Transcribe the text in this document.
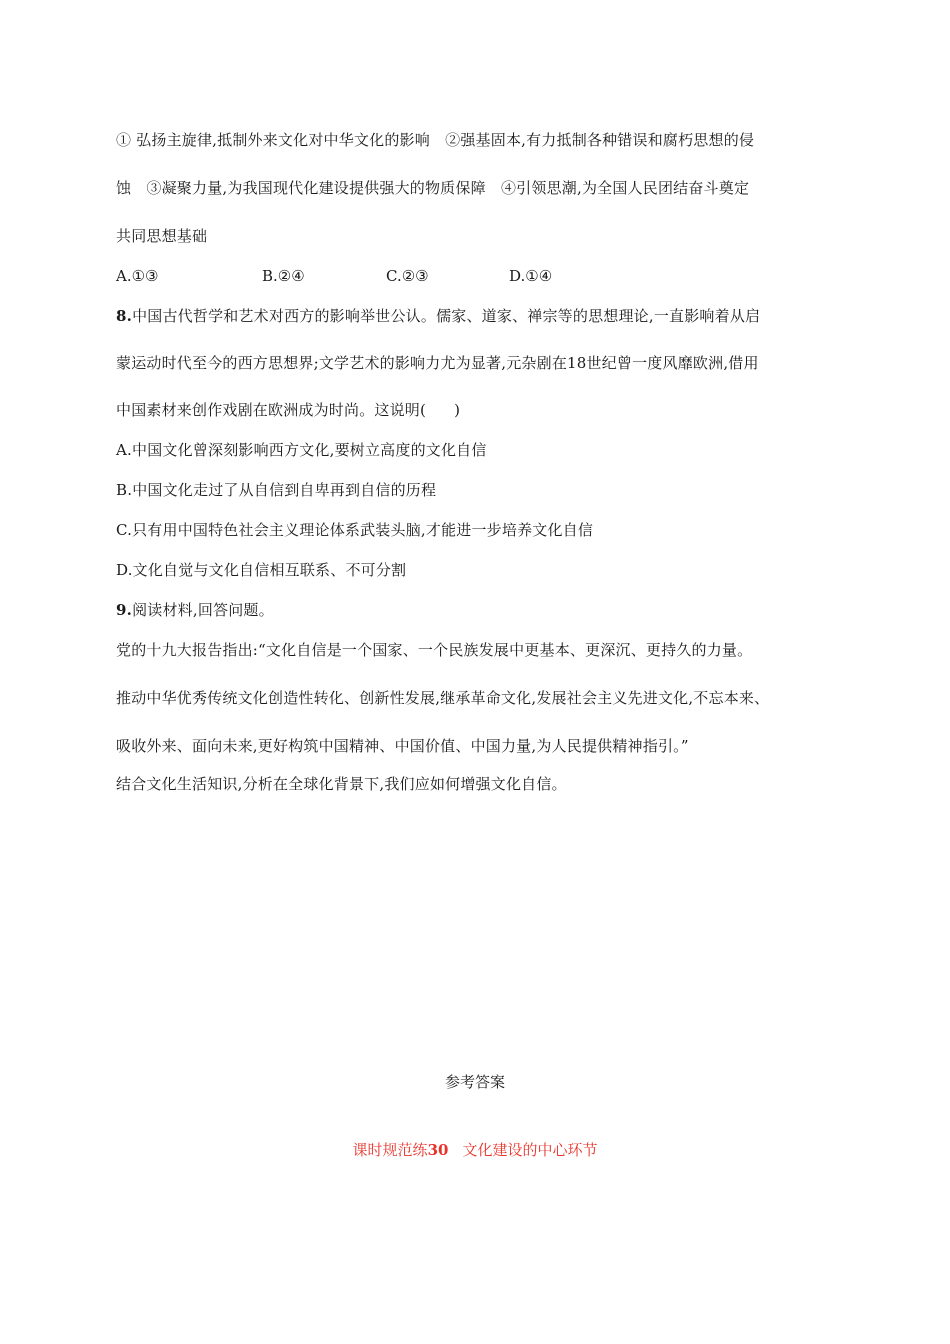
① 弘扬主旋律,抵制外来文化对中华文化的影响　②强基固本,有力抵制各种错误和腐朽思想的侵
蚀　③凝聚力量,为我国现代化建设提供强大的物质保障　④引领思潮,为全国人民团结奋斗奠定
共同思想基础
A.①③	B.②④	C.②③	D.①④
8.中国古代哲学和艺术对西方的影响举世公认。儒家、道家、禅宗等的思想理论,一直影响着从启
蒙运动时代至今的西方思想界;文学艺术的影响力尤为显著,元杂剧在18世纪曾一度风靡欧洲,借用
中国素材来创作戏剧在欧洲成为时尚。这说明( )
A.中国文化曾深刻影响西方文化,要树立高度的文化自信
B.中国文化走过了从自信到自卑再到自信的历程
C.只有用中国特色社会主义理论体系武装头脑,才能进一步培养文化自信
D.文化自觉与文化自信相互联系、不可分割
9.阅读材料,回答问题。
党的十九大报告指出:“文化自信是一个国家、一个民族发展中更基本、更深沉、更持久的力量。
推动中华优秀传统文化创造性转化、创新性发展,继承革命文化,发展社会主义先进文化,不忘本来、
吸收外来、面向未来,更好构筑中国精神、中国价值、中国力量,为人民提供精神指引。”
结合文化生活知识,分析在全球化背景下,我们应如何增强文化自信。
参考答案
课时规范练30 文化建设的中心环节
